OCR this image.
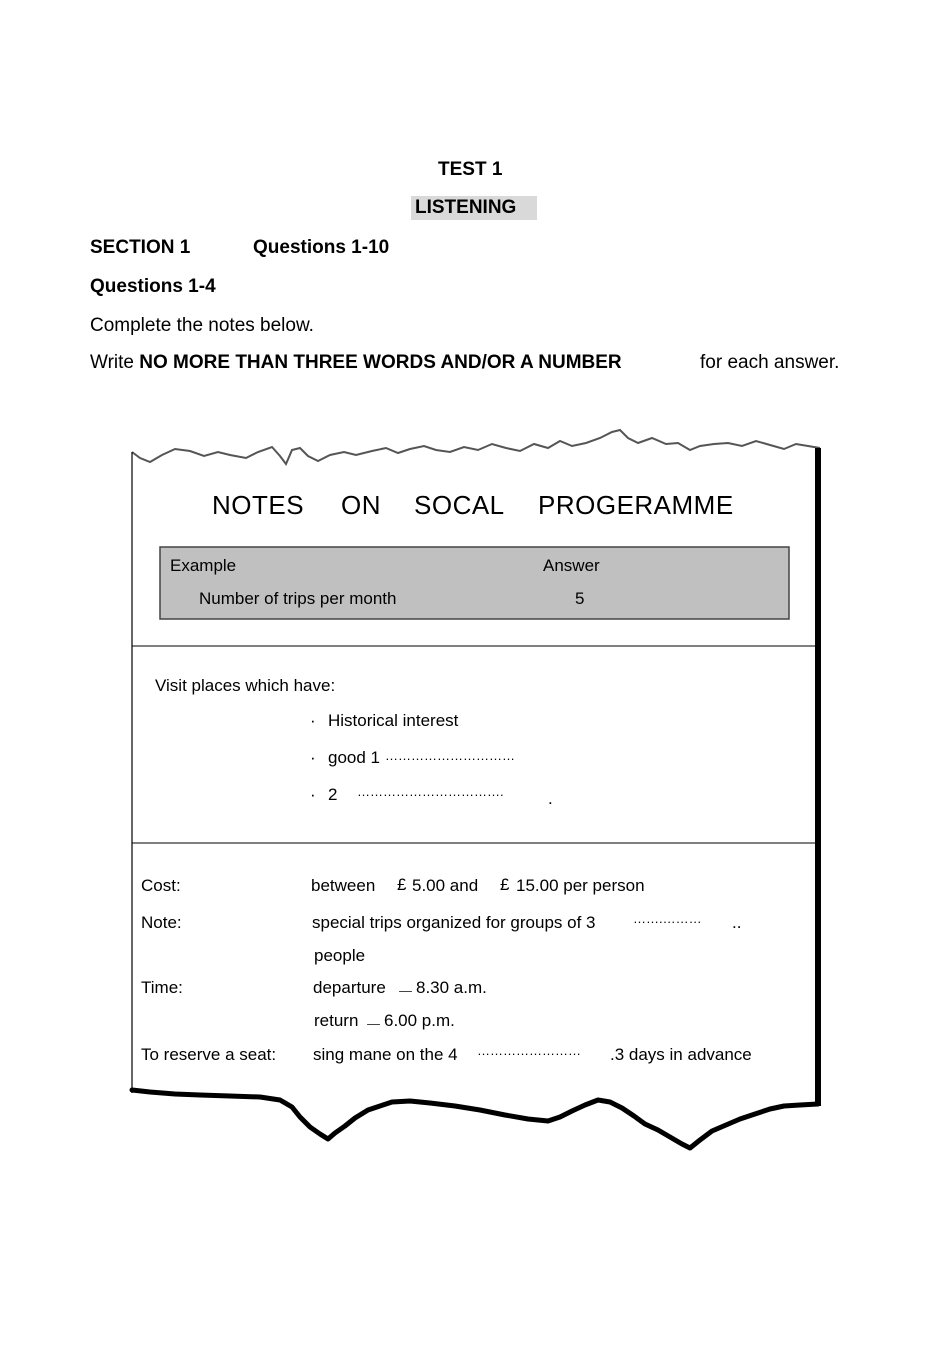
TEST 1
LISTENING
SECTION 1	Questions 1-10
Questions 1-4
Complete the notes below.
Write NO MORE THAN THREE WORDS AND/OR A NUMBER	for each answer.
NOTES ON SOCAL PROGERAMME
Example	Answer
Number of trips per month	5
Visit places which have:
· Historical interest
· good 1 …………………………
· 2 …………………………….	.
Cost:	between £ 5.00 and £ 15.00 per person
Note:	special trips organized for groups of 3	…….……… ..
people
Time:	departure － 8.30 a.m.
return － 6.00 p.m.
To reserve a seat: sing mane on the 4 …………………… .3 days in advance
